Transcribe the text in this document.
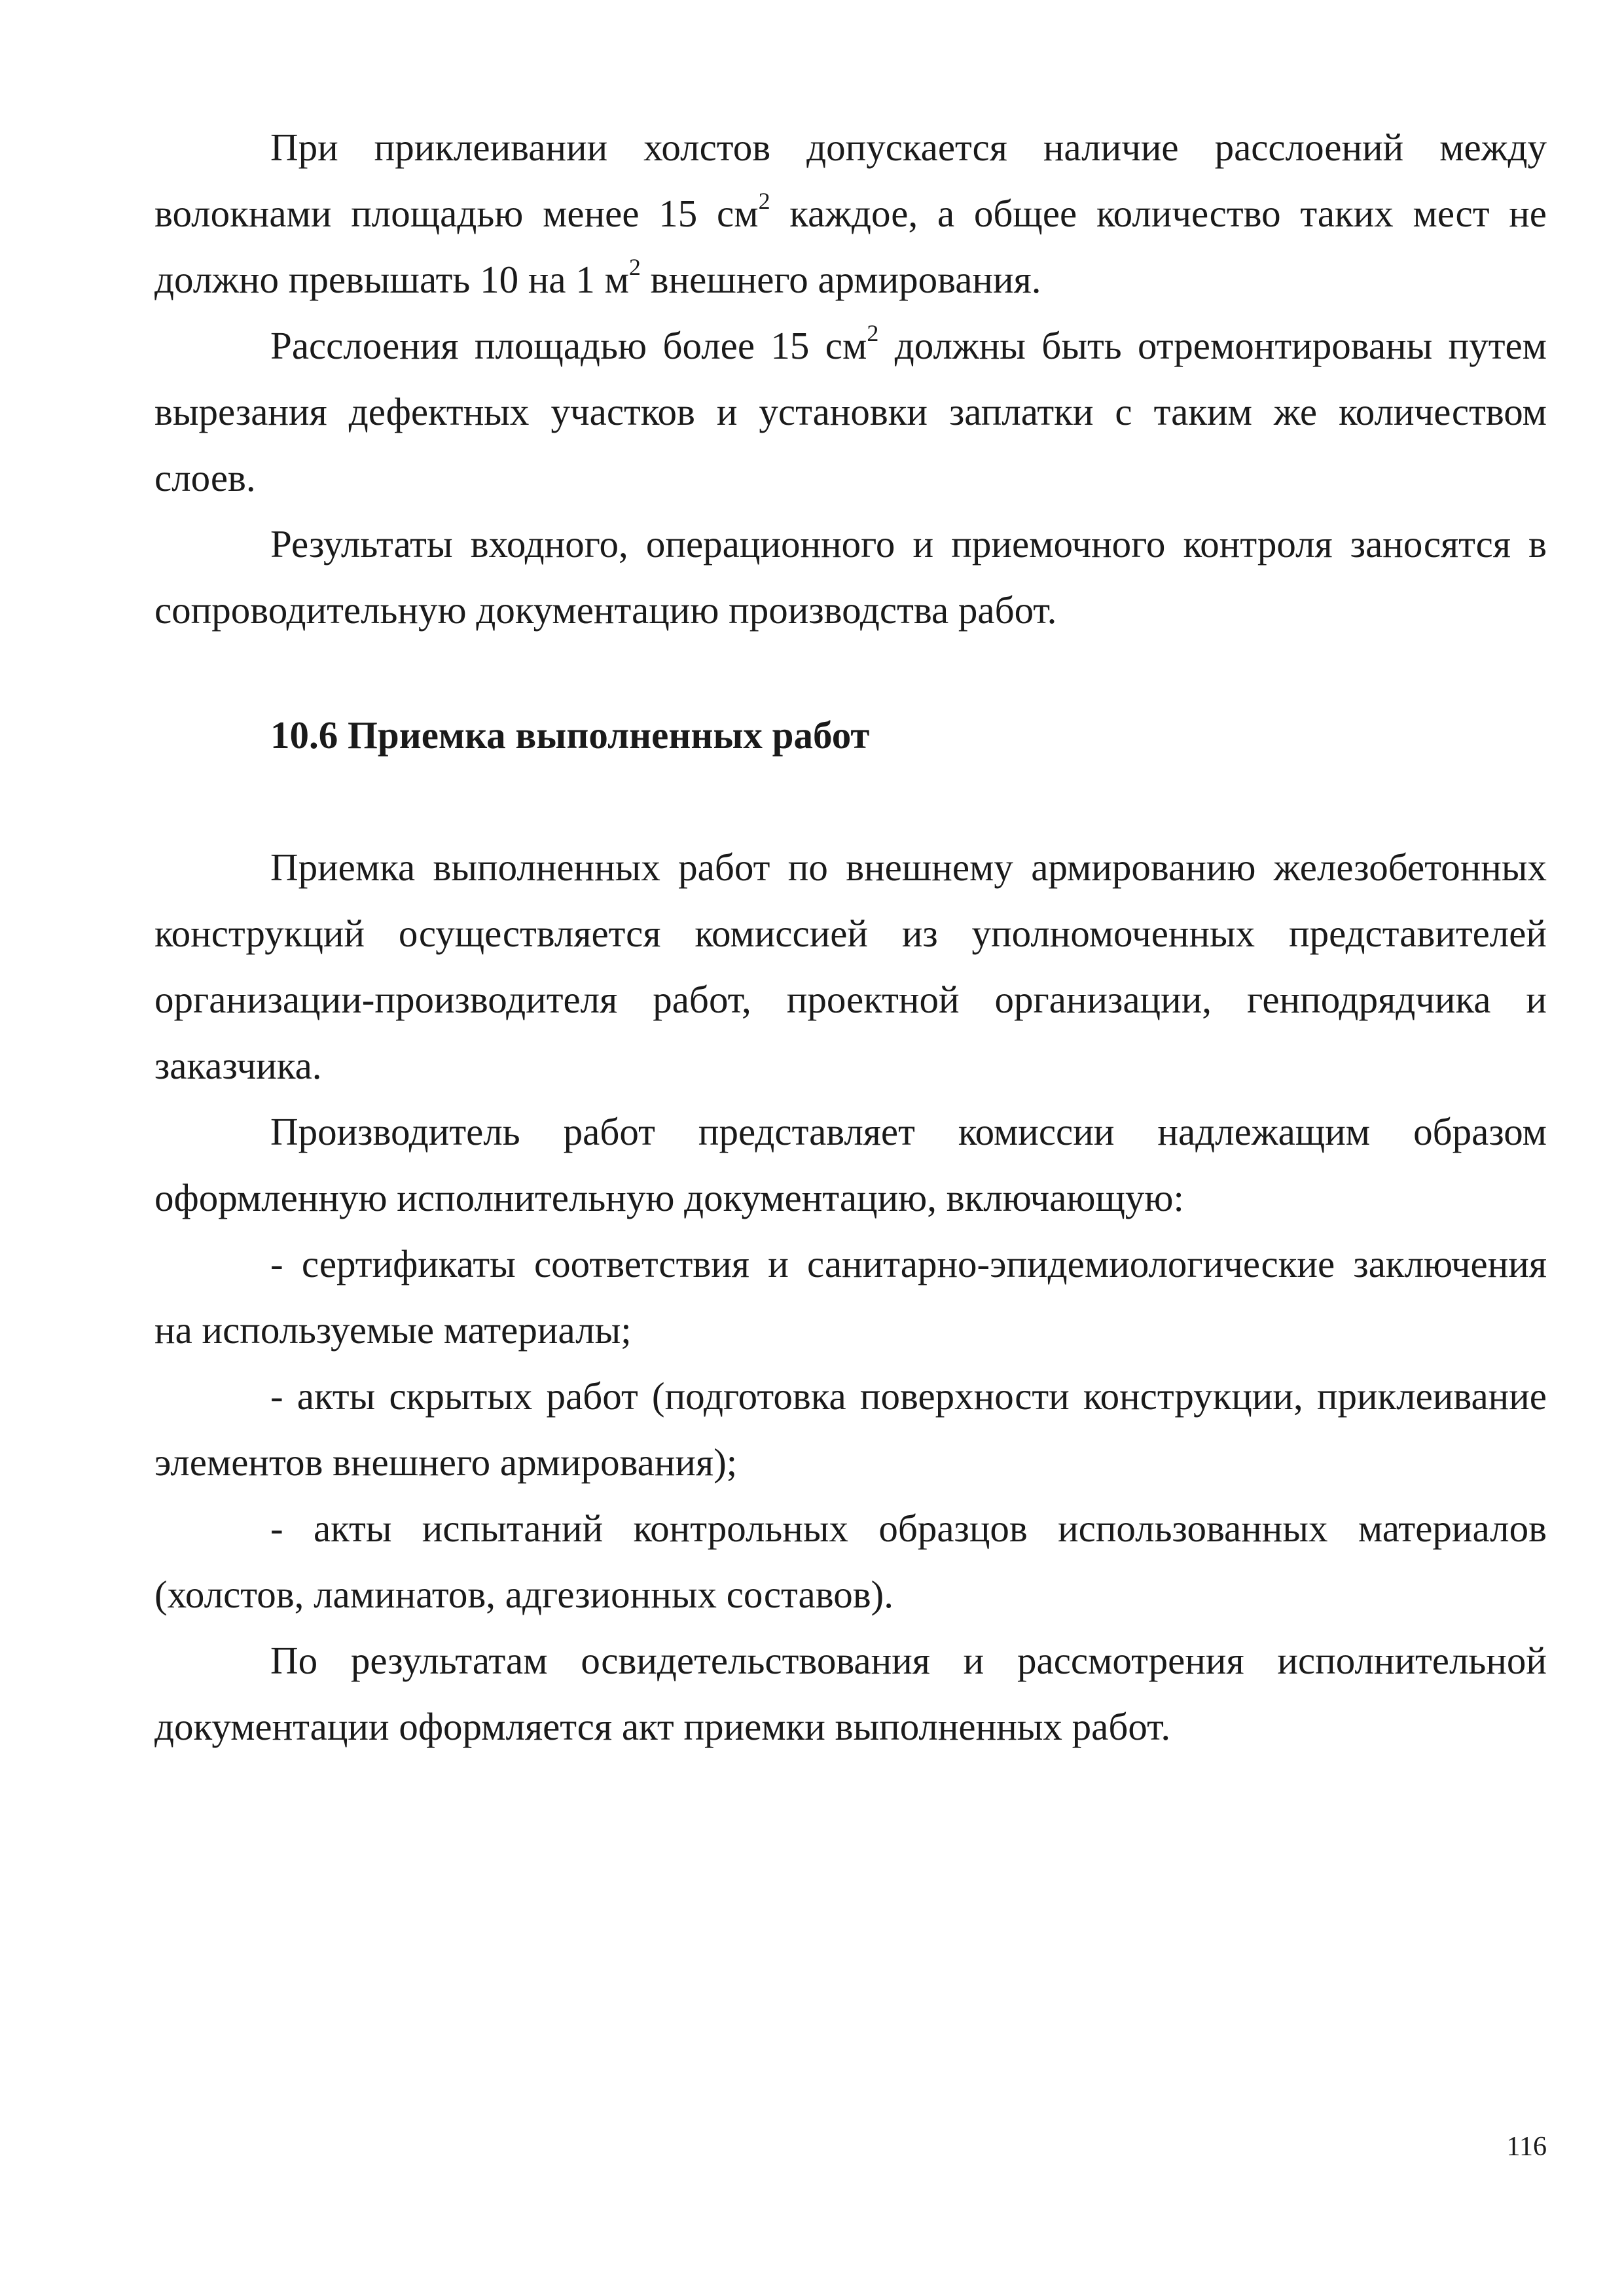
При приклеивании холстов допускается наличие расслоений между волокнами площадью менее 15 $см^2$ каждое, а общее количество таких мест не должно превышать 10 на 1 $м^2$ внешнего армирования.

Расслоения площадью более 15 $см^2$ должны быть отремонтированы путем вырезания дефектных участков и установки заплатки с таким же количеством слоев.

Результаты входного, операционного и приемочного контроля заносятся в сопроводительную документацию производства работ.

10.6 Приемка выполненных работ

Приемка выполненных работ по внешнему армированию железобетонных конструкций осуществляется комиссией из уполномоченных представителей организации-производителя работ, проектной организации, генподрядчика и заказчика.

Производитель работ представляет комиссии надлежащим образом оформленную исполнительную документацию, включающую:

- сертификаты соответствия и санитарно-эпидемиологические заключения на используемые материалы;

- акты скрытых работ (подготовка поверхности конструкции, приклеивание элементов внешнего армирования);

- акты испытаний контрольных образцов использованных материалов (холстов, ламинатов, адгезионных составов).

По результатам освидетельствования и рассмотрения исполнительной документации оформляется акт приемки выполненных работ.

116
